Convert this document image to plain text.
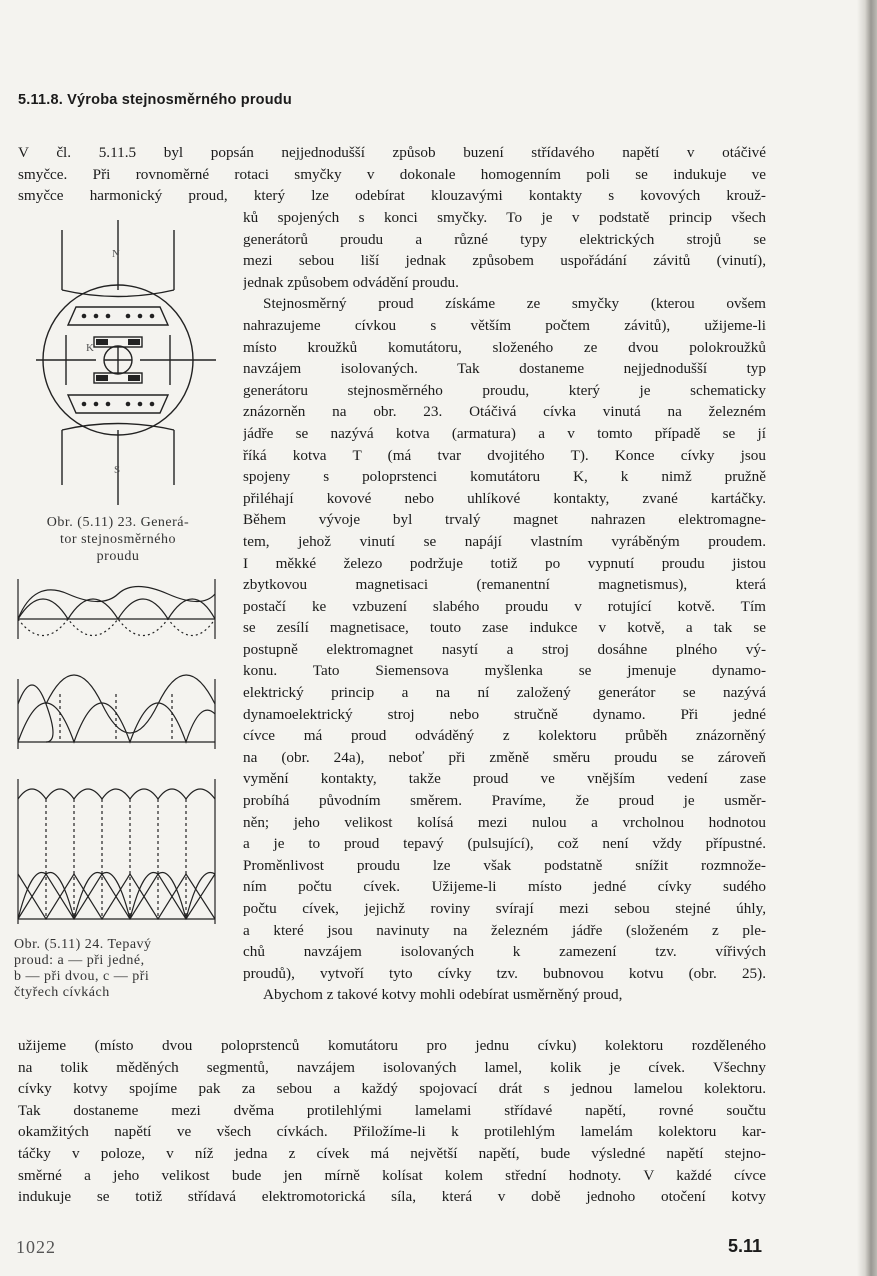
5.11.8. Výroba stejnosměrného proudu
V čl. 5.11.5 byl popsán nejjednodušší způsob buzení střídavého napětí v otáčivé
smyčce. Při rovnoměrné rotaci smyčky v dokonale homogenním poli se indukuje ve
smyčce harmonický proud, který lze odebírat klouzavými kontakty s kovových krouž-
ků spojených s konci smyčky. To je v podstatě princip všech
generátorů proudu a různé typy elektrických strojů se
mezi sebou liší jednak způsobem uspořádání závitů (vinutí),
jednak způsobem odvádění proudu.
Stejnosměrný proud získáme ze smyčky (kterou ovšem
nahrazujeme cívkou s větším počtem závitů), užijeme-li
místo kroužků komutátoru, složeného ze dvou polokroužků
navzájem isolovaných. Tak dostaneme nejjednodušší typ
generátoru stejnosměrného proudu, který je schematicky
znázorněn na obr. 23. Otáčivá cívka vinutá na železném
jádře se nazývá kotva (armatura) a v tomto případě se jí
říká kotva T (má tvar dvojitého T). Konce cívky jsou
spojeny s poloprstenci komutátoru K, k nimž pružně
přiléhají kovové nebo uhlíkové kontakty, zvané kartáčky.
Během vývoje byl trvalý magnet nahrazen elektromagne-
tem, jehož vinutí se napájí vlastním vyráběným proudem.
I měkké železo podržuje totiž po vypnutí proudu jistou
zbytkovou magnetisaci (remanentní magnetismus), která
postačí ke vzbuzení slabého proudu v rotující kotvě. Tím
se zesílí magnetisace, touto zase indukce v kotvě, a tak se
postupně elektromagnet nasytí a stroj dosáhne plného vý-
konu. Tato Siemensova myšlenka se jmenuje dynamo-
elektrický princip a na ní založený generátor se nazývá
dynamoelektrický stroj nebo stručně dynamo. Při jedné
cívce má proud odváděný z kolektoru průběh znázorněný
na (obr. 24a), neboť při změně směru proudu se zároveň
vymění kontakty, takže proud ve vnějším vedení zase
probíhá původním směrem. Pravíme, že proud je usměr-
něn; jeho velikost kolísá mezi nulou a vrcholnou hodnotou
a je to proud tepavý (pulsující), což není vždy přípustné.
Proměnlivost proudu lze však podstatně snížit rozmnože-
ním počtu cívek. Užijeme-li místo jedné cívky sudého
počtu cívek, jejichž roviny svírají mezi sebou stejné úhly,
a které jsou navinuty na železném jádře (složeném z ple-
chů navzájem isolovaných k zamezení tzv. vířivých
proudů), vytvoří tyto cívky tzv. bubnovou kotvu (obr. 25).
Abychom z takové kotvy mohli odebírat usměrněný proud,
N
S
K
Obr. (5.11) 23. Generá-
tor stejnosměrného
proudu
Obr. (5.11) 24. Tepavý
proud: a — při jedné,
b — při dvou, c — při
čtyřech cívkách
užijeme (místo dvou poloprstenců komutátoru pro jednu cívku) kolektoru rozděleného
na tolik měděných segmentů, navzájem isolovaných lamel, kolik je cívek. Všechny
cívky kotvy spojíme pak za sebou a každý spojovací drát s jednou lamelou kolektoru.
Tak dostaneme mezi dvěma protilehlými lamelami střídavé napětí, rovné součtu
okamžitých napětí ve všech cívkách. Přiložíme-li k protilehlým lamelám kolektoru kar-
táčky v poloze, v níž jedna z cívek má největší napětí, bude výsledné napětí stejno-
směrné a jeho velikost bude jen mírně kolísat kolem střední hodnoty. V každé cívce
indukuje se totiž střídavá elektromotorická síla, která v době jednoho otočení kotvy
1022	5.11
